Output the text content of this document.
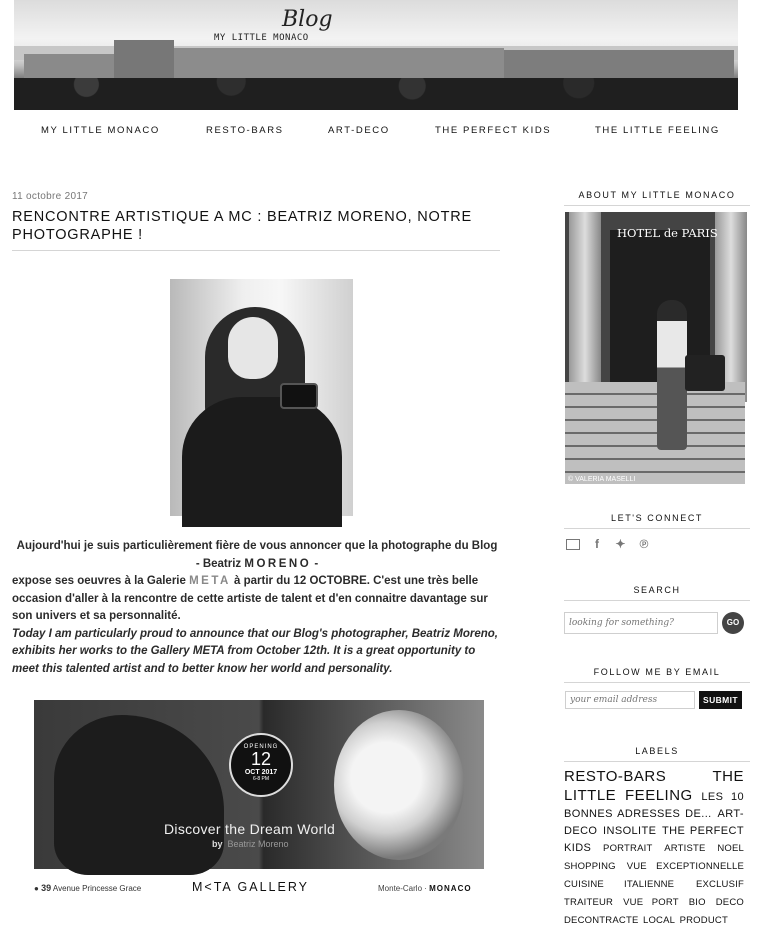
Blog
MY LITTLE MONACO
MY LITTLE MONACO	RESTO-BARS	ART-DECO	THE PERFECT KIDS	THE LITTLE FEELING
11 octobre 2017
RENCONTRE ARTISTIQUE A MC : BEATRIZ MORENO, NOTRE PHOTOGRAPHE !
Aujourd'hui je suis particulièrement fière de vous annoncer que la photographe du Blog
- Beatriz MORENO -
expose ses oeuvres à la Galerie META à partir du 12 OCTOBRE. C'est une très belle occasion d'aller à la rencontre de cette artiste de talent et d'en connaitre davantage sur son univers et sa personnalité.
Today I am particularly proud to announce that our Blog's photographer, Beatriz Moreno, exhibits her works to the Gallery META from October 12th. It is a great opportunity to meet this talented artist and to better know her world and personality.
OPENING
12
OCT 2017
6-8 PM
Discover the Dream World
by Beatriz Moreno
● 39 Avenue Princesse Grace	M<TA GALLERY	Monte-Carlo · MONACO
ABOUT MY LITTLE MONACO
HOTEL de PARIS
© VALERIA MASELLI
LET'S CONNECT
f ✦ ℗
SEARCH
looking for something?
GO
FOLLOW ME BY EMAIL
your email address
SUBMIT
LABELS
RESTO-BARS	THE LITTLE FEELING LES 10 BONNES ADRESSES DE... ART-DECO INSOLITE THE PERFECT KIDS PORTRAIT ARTISTE NOEL SHOPPING VUE EXCEPTIONNELLE CUISINE ITALIENNE EXCLUSIF TRAITEUR VUE PORT BIO DECO DECONTRACTE LOCAL PRODUCT
